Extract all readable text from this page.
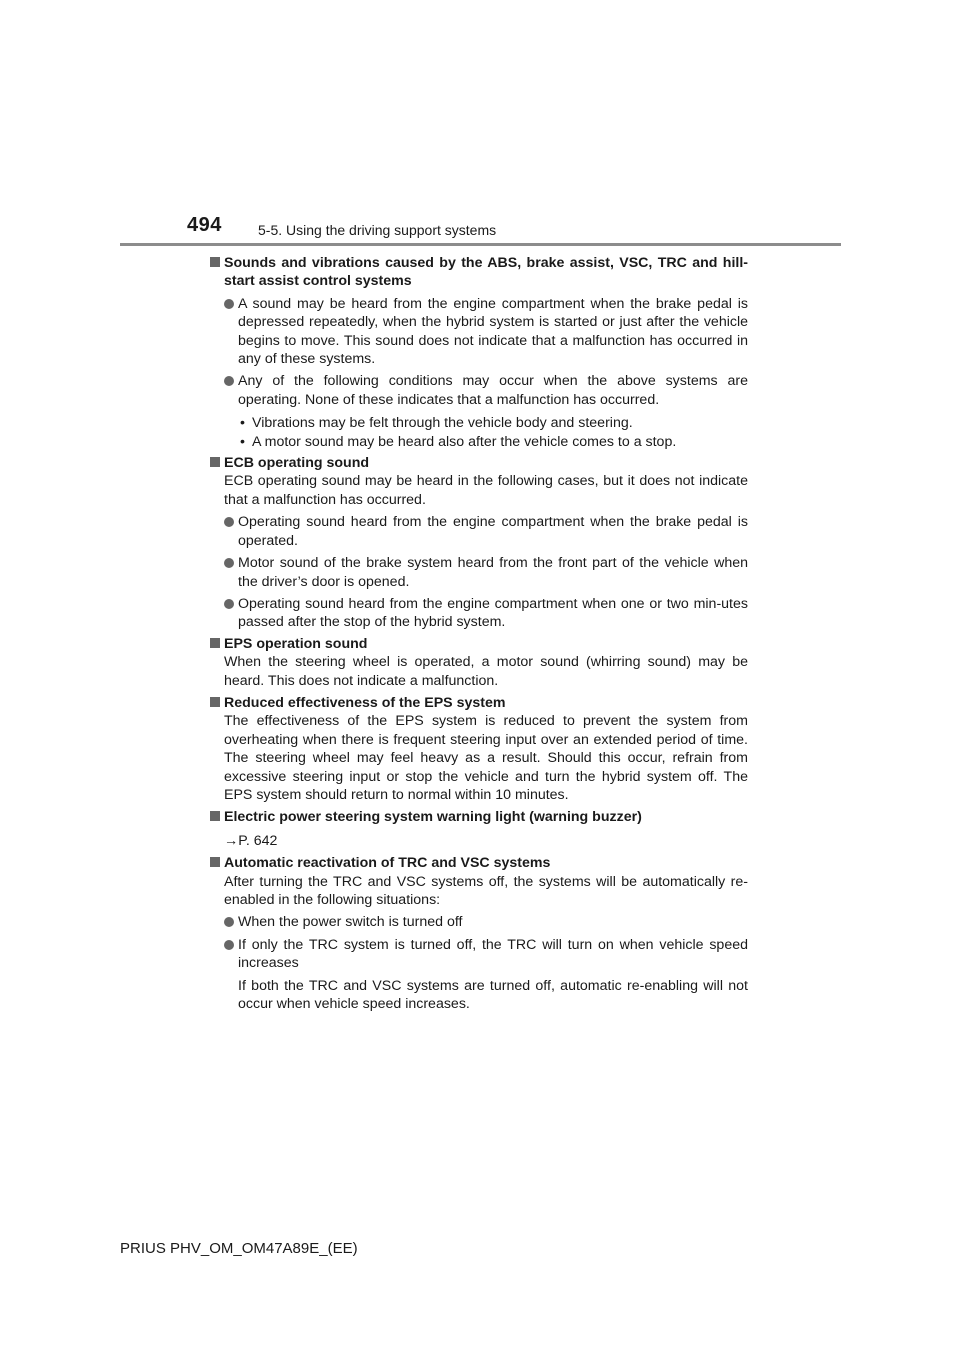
494	5-5. Using the driving support systems
Sounds and vibrations caused by the ABS, brake assist, VSC, TRC and hill-start assist control systems
A sound may be heard from the engine compartment when the brake pedal is depressed repeatedly, when the hybrid system is started or just after the vehicle begins to move. This sound does not indicate that a malfunction has occurred in any of these systems.
Any of the following conditions may occur when the above systems are operating. None of these indicates that a malfunction has occurred.
• Vibrations may be felt through the vehicle body and steering.
• A motor sound may be heard also after the vehicle comes to a stop.
ECB operating sound
ECB operating sound may be heard in the following cases, but it does not indicate that a malfunction has occurred.
Operating sound heard from the engine compartment when the brake pedal is operated.
Motor sound of the brake system heard from the front part of the vehicle when the driver’s door is opened.
Operating sound heard from the engine compartment when one or two min-utes passed after the stop of the hybrid system.
EPS operation sound
When the steering wheel is operated, a motor sound (whirring sound) may be heard. This does not indicate a malfunction.
Reduced effectiveness of the EPS system
The effectiveness of the EPS system is reduced to prevent the system from overheating when there is frequent steering input over an extended period of time. The steering wheel may feel heavy as a result. Should this occur, refrain from excessive steering input or stop the vehicle and turn the hybrid system off. The EPS system should return to normal within 10 minutes.
Electric power steering system warning light (warning buzzer)
→P. 642
Automatic reactivation of TRC and VSC systems
After turning the TRC and VSC systems off, the systems will be automatically re-enabled in the following situations:
When the power switch is turned off
If only the TRC system is turned off, the TRC will turn on when vehicle speed increases
If both the TRC and VSC systems are turned off, automatic re-enabling will not occur when vehicle speed increases.
PRIUS PHV_OM_OM47A89E_(EE)
